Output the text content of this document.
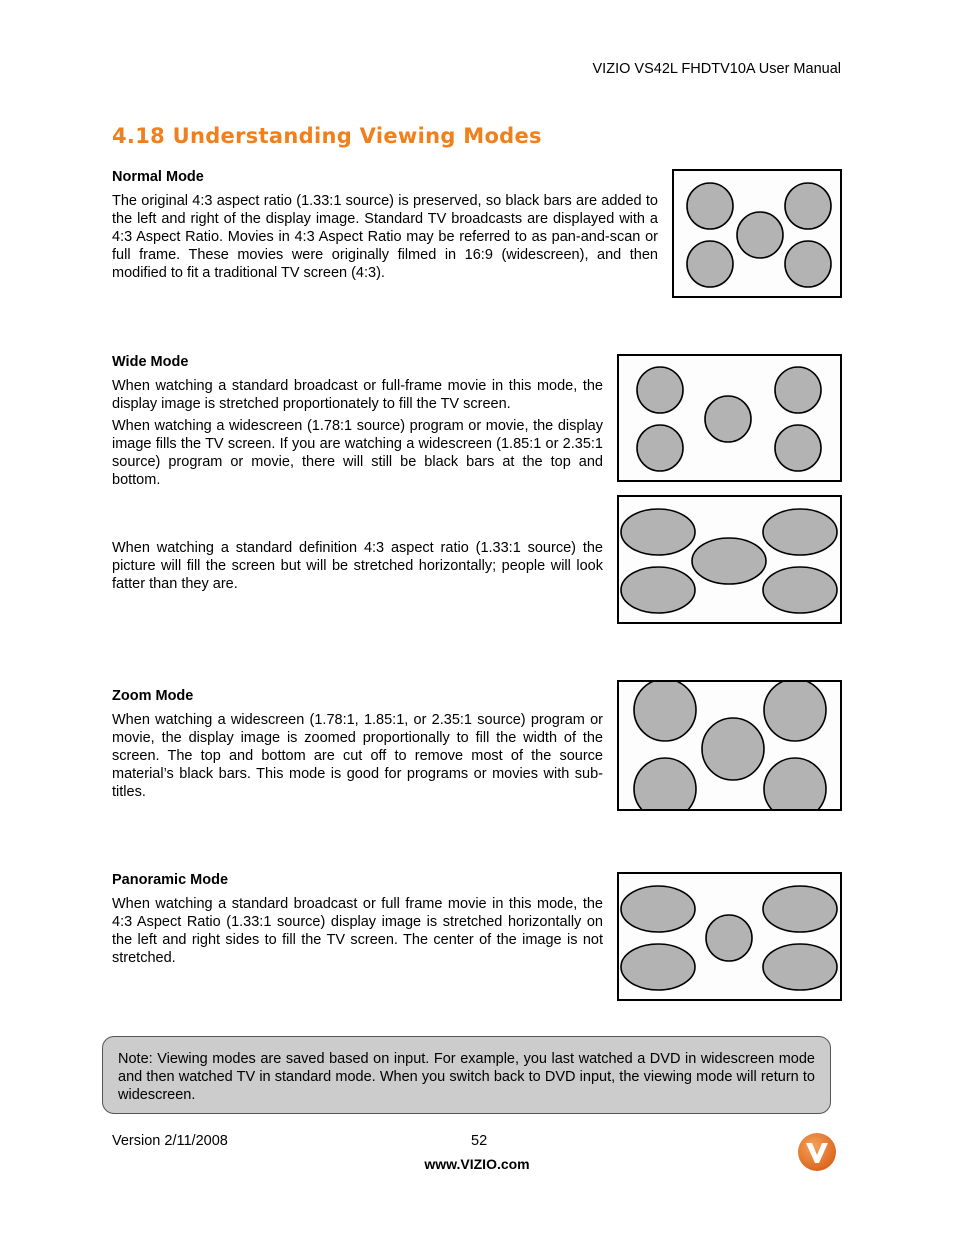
VIZIO VS42L FHDTV10A User Manual
4.18 Understanding Viewing Modes
Normal Mode

The original 4:3 aspect ratio (1.33:1 source) is preserved, so black bars are added to the left and right of the display image. Standard TV broadcasts are displayed with a 4:3 Aspect Ratio. Movies in 4:3 Aspect Ratio may be referred to as pan-and-scan or full frame. These movies were originally filmed in 16:9 (widescreen), and then modified to fit a traditional TV screen (4:3).

Wide Mode

When watching a standard broadcast or full-frame movie in this mode, the display image is stretched proportionately to fill the TV screen.

When watching a widescreen (1.78:1 source) program or movie, the display image fills the TV screen. If you are watching a widescreen (1.85:1 or 2.35:1 source) program or movie, there will still be black bars at the top and bottom.

When watching a standard definition 4:3 aspect ratio (1.33:1 source) the picture will fill the screen but will be stretched horizontally; people will look fatter than they are.

Zoom Mode

When watching a widescreen (1.78:1, 1.85:1, or 2.35:1 source) program or movie, the display image is zoomed proportionally to fill the width of the screen. The top and bottom are cut off to remove most of the source material’s black bars. This mode is good for programs or movies with sub-titles.

Panoramic Mode

When watching a standard broadcast or full frame movie in this mode, the 4:3 Aspect Ratio (1.33:1 source) display image is stretched horizontally on the left and right sides to fill the TV screen. The center of the image is not stretched.

Note: Viewing modes are saved based on input. For example, you last watched a DVD in widescreen mode and then watched TV in standard mode. When you switch back to DVD input, the viewing mode will return to widescreen.

Version 2/11/2008	52
www.VIZIO.com
